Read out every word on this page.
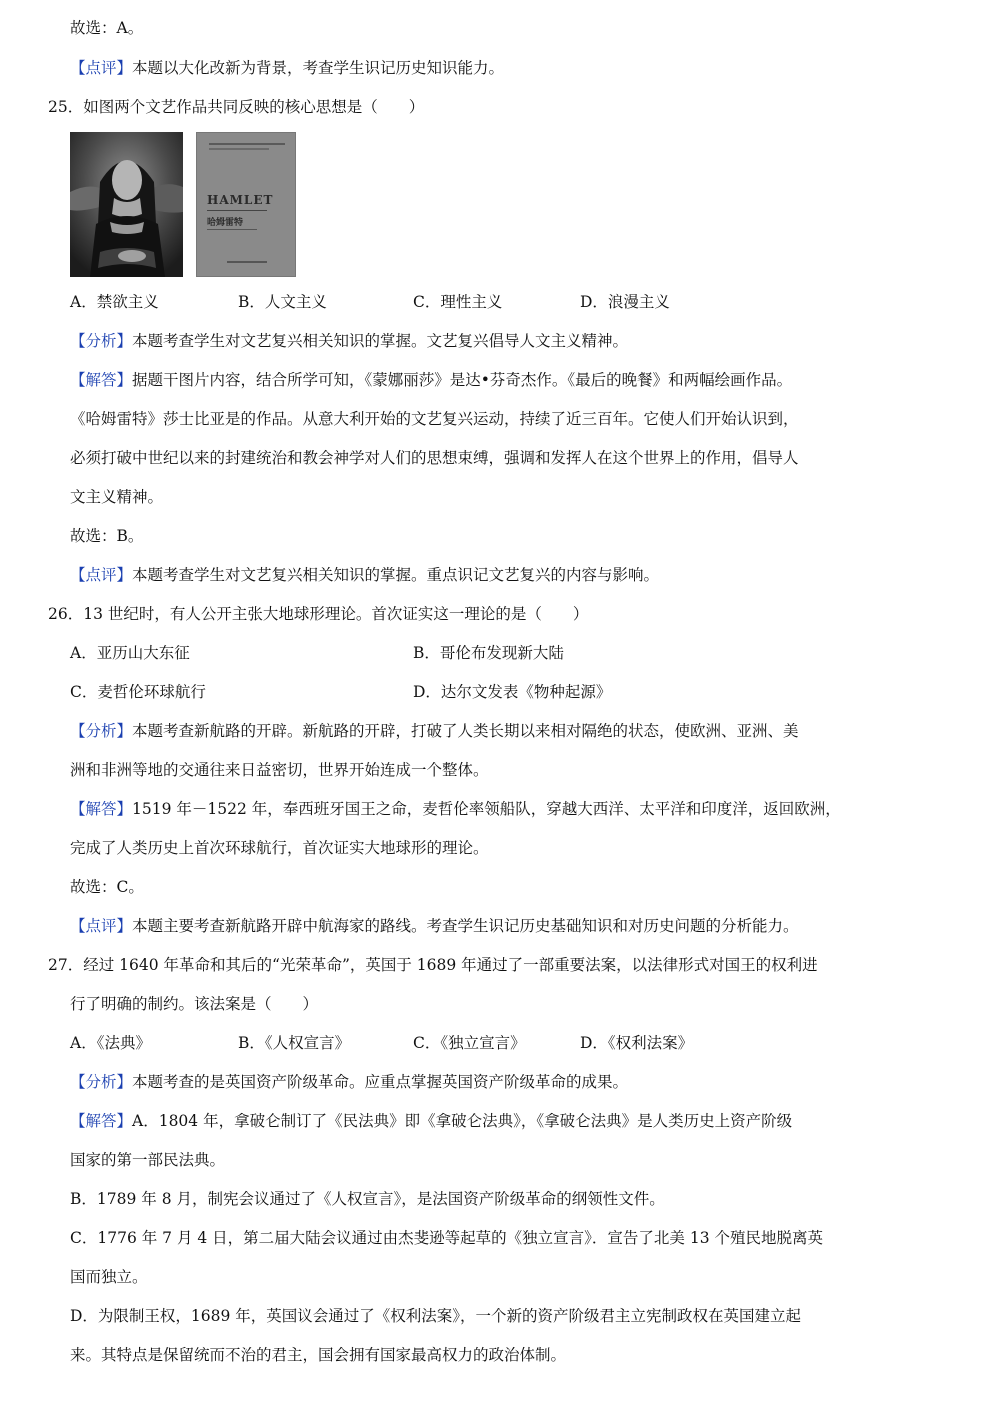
故选：A。
【点评】本题以大化改新为背景，考查学生识记历史知识能力。
25．如图两个文艺作品共同反映的核心思想是（　　）
HAMLET
哈姆雷特
A．禁欲主义	B．人文主义	C．理性主义	D．浪漫主义
【分析】本题考查学生对文艺复兴相关知识的掌握。文艺复兴倡导人文主义精神。
【解答】据题干图片内容，结合所学可知，《蒙娜丽莎》是达•芬奇杰作。《最后的晚餐》和两幅绘画作品。
《哈姆雷特》莎士比亚是的作品。从意大利开始的文艺复兴运动，持续了近三百年。它使人们开始认识到，
必须打破中世纪以来的封建统治和教会神学对人们的思想束缚，强调和发挥人在这个世界上的作用，倡导人
文主义精神。
故选：B。
【点评】本题考查学生对文艺复兴相关知识的掌握。重点识记文艺复兴的内容与影响。
26．13 世纪时，有人公开主张大地球形理论。首次证实这一理论的是（　　）
A．亚历山大东征	B．哥伦布发现新大陆
C．麦哲伦环球航行	D．达尔文发表《物种起源》
【分析】本题考查新航路的开辟。新航路的开辟，打破了人类长期以来相对隔绝的状态，使欧洲、亚洲、美
洲和非洲等地的交通往来日益密切，世界开始连成一个整体。
【解答】1519 年－1522 年，奉西班牙国王之命，麦哲伦率领船队，穿越大西洋、太平洋和印度洋，返回欧洲，
完成了人类历史上首次环球航行，首次证实大地球形的理论。
故选：C。
【点评】本题主要考查新航路开辟中航海家的路线。考查学生识记历史基础知识和对历史问题的分析能力。
27．经过 1640 年革命和其后的“光荣革命”，英国于 1689 年通过了一部重要法案，以法律形式对国王的权利进
行了明确的制约。该法案是（　　）
A．《法典》	B．《人权宣言》	C．《独立宣言》	D．《权利法案》
【分析】本题考查的是英国资产阶级革命。应重点掌握英国资产阶级革命的成果。
【解答】A．1804 年，拿破仑制订了《民法典》即《拿破仑法典》，《拿破仑法典》是人类历史上资产阶级
国家的第一部民法典。
B．1789 年 8 月，制宪会议通过了《人权宣言》，是法国资产阶级革命的纲领性文件。
C．1776 年 7 月 4 日，第二届大陆会议通过由杰斐逊等起草的《独立宣言》．宣告了北美 13 个殖民地脱离英
国而独立。
D．为限制王权，1689 年，英国议会通过了《权利法案》，一个新的资产阶级君主立宪制政权在英国建立起
来。其特点是保留统而不治的君主，国会拥有国家最高权力的政治体制。
